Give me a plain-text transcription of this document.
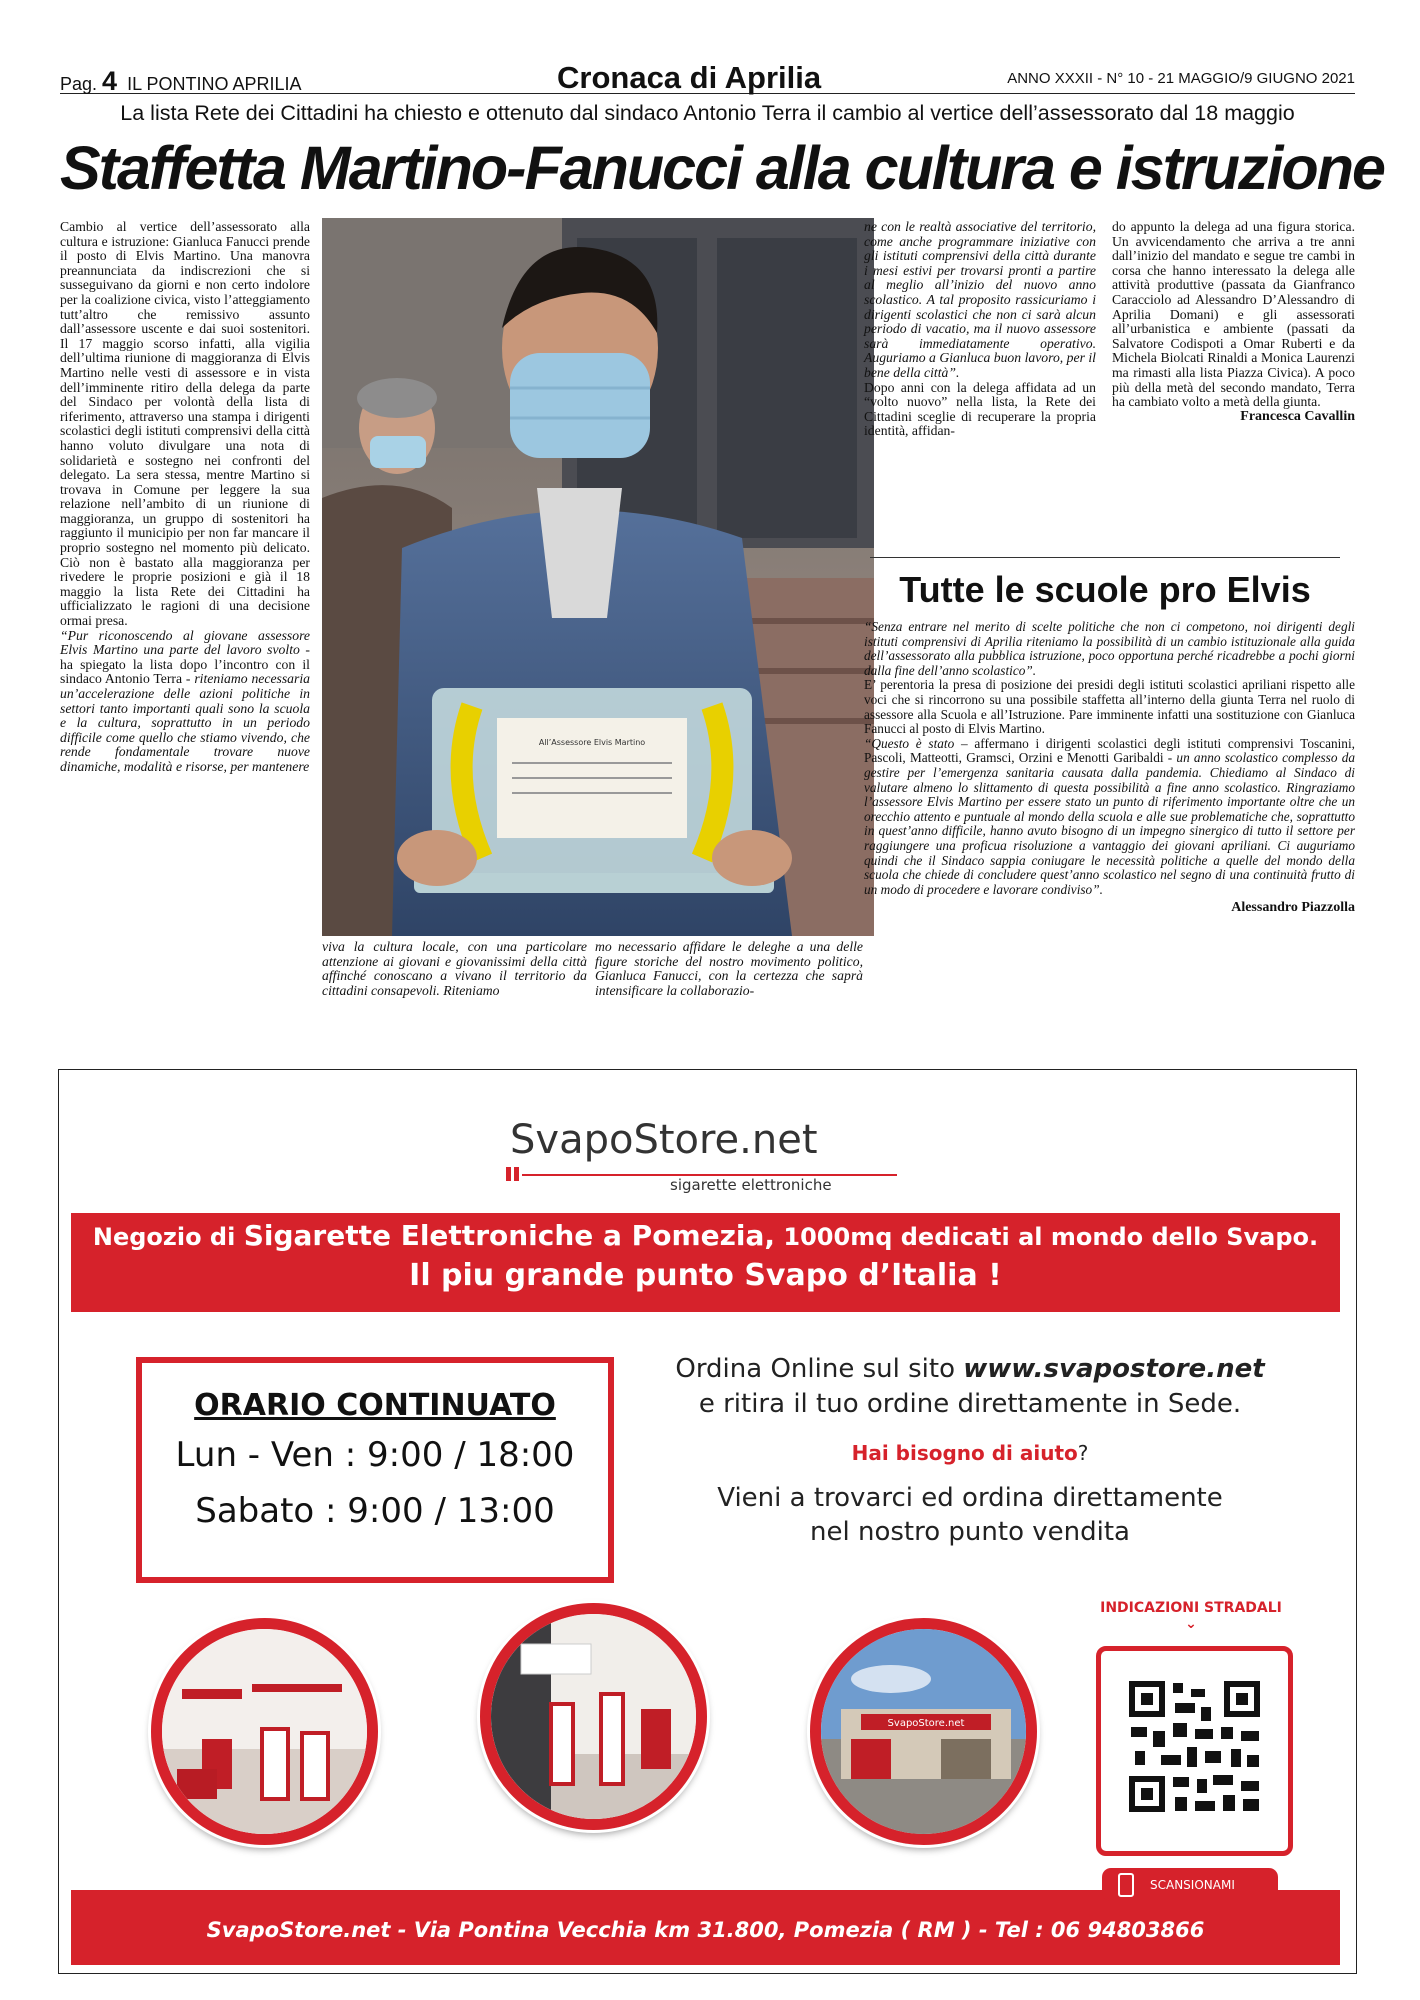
Pag. 4 IL PONTINO APRILIA	Cronaca di Aprilia	ANNO XXXII - N° 10 - 21 MAGGIO/9 GIUGNO 2021
La lista Rete dei Cittadini ha chiesto e ottenuto dal sindaco Antonio Terra il cambio al vertice dell’assessorato dal 18 maggio
Staffetta Martino-Fanucci alla cultura e istruzione

Cambio al vertice dell’assessorato alla cultura e istruzione: Gianluca Fanucci prende il posto di Elvis Martino. Una manovra preannunciata da indiscrezioni che si susseguivano da giorni e non certo indolore per la coalizione civica, visto l’atteggiamento tutt’altro che remissivo assunto dall’assessore uscente e dai suoi sostenitori. Il 17 maggio scorso infatti, alla vigilia dell’ultima riunione di maggioranza di Elvis Martino nelle vesti di assessore e in vista dell’imminente ritiro della delega da parte del Sindaco per volontà della lista di riferimento, attraverso una stampa i dirigenti scolastici degli istituti comprensivi della città hanno voluto divulgare una nota di solidarietà e sostegno nei confronti del delegato. La sera stessa, mentre Martino si trovava in Comune per leggere la sua relazione nell’ambito di un riunione di maggioranza, un gruppo di sostenitori ha raggiunto il municipio per non far mancare il proprio sostegno nel momento più delicato. Ciò non è bastato alla maggioranza per rivedere le proprie posizioni e già il 18 maggio la lista Rete dei Cittadini ha ufficializzato le ragioni di una decisione ormai presa.

“Pur riconoscendo al giovane assessore Elvis Martino una parte del lavoro svolto - ha spiegato la lista dopo l’incontro con il sindaco Antonio Terra - riteniamo necessaria un’accelerazione delle azioni politiche in settori tanto importanti quali sono la scuola e la cultura, soprattutto in un periodo difficile come quello che stiamo vivendo, che rende fondamentale trovare nuove dinamiche, modalità e risorse, per mantenere

All’Assessore Elvis Martino

viva la cultura locale, con una particolare attenzione ai giovani e giovanissimi della città affinché conoscano a vivano il territorio da cittadini consapevoli. Riteniamo

mo necessario affidare le deleghe a una delle figure storiche del nostro movimento politico, Gianluca Fanucci, con la certezza che saprà intensificare la collaborazio-

ne con le realtà associative del territorio, come anche programmare iniziative con gli istituti comprensivi della città durante i mesi estivi per trovarsi pronti a partire al meglio all’inizio del nuovo anno scolastico. A tal proposito rassicuriamo i dirigenti scolastici che non ci sarà alcun periodo di vacatio, ma il nuovo assessore sarà immediatamente operativo. Auguriamo a Gianluca buon lavoro, per il bene della città”.

Dopo anni con la delega affidata ad un “volto nuovo” nella lista, la Rete dei Cittadini sceglie di recuperare la propria identità, affidan-

do appunto la delega ad una figura storica. Un avvicendamento che arriva a tre anni dall’inizio del mandato e segue tre cambi in corsa che hanno interessato la delega alle attività produttive (passata da Gianfranco Caracciolo ad Alessandro D’Alessandro di Aprilia Domani) e gli assessorati all’urbanistica e ambiente (passati da Salvatore Codispoti a Omar Ruberti e da Michela Biolcati Rinaldi a Monica Laurenzi ma rimasti alla lista Piazza Civica). A poco più della metà del secondo mandato, Terra ha cambiato volto a metà della giunta.

Francesca Cavallin
Tutte le scuole pro Elvis

“Senza entrare nel merito di scelte politiche che non ci competono, noi dirigenti degli istituti comprensivi di Aprilia riteniamo la possibilità di un cambio istituzionale alla guida dell’assessorato alla pubblica istruzione, poco opportuna perché ricadrebbe a pochi giorni dalla fine dell’anno scolastico”.

E’ perentoria la presa di posizione dei presidi degli istituti scolastici apriliani rispetto alle voci che si rincorrono su una possibile staffetta all’interno della giunta Terra nel ruolo di assessore alla Scuola e all’Istruzione. Pare imminente infatti una sostituzione con Gianluca Fanucci al posto di Elvis Martino.

“Questo è stato – affermano i dirigenti scolastici degli istituti comprensivi Toscanini, Pascoli, Matteotti, Gramsci, Orzini e Menotti Garibaldi - un anno scolastico complesso da gestire per l’emergenza sanitaria causata dalla pandemia. Chiediamo al Sindaco di valutare almeno lo slittamento di questa possibilità a fine anno scolastico. Ringraziamo l’assessore Elvis Martino per essere stato un punto di riferimento importante oltre che un orecchio attento e puntuale al mondo della scuola e alle sue problematiche che, soprattutto in quest’anno difficile, hanno avuto bisogno di un impegno sinergico di tutto il settore per raggiungere una proficua risoluzione a vantaggio dei giovani apriliani. Ci auguriamo quindi che il Sindaco sappia coniugare le necessità politiche a quelle del mondo della scuola che chiede di concludere quest’anno scolastico nel segno di una continuità frutto di un modo di procedere e lavorare condiviso”.

Alessandro Piazzolla
SvapoStore.net
sigarette elettroniche
Negozio di Sigarette Elettroniche a Pomezia, 1000mq dedicati al mondo dello Svapo.
Il piu grande punto Svapo d’Italia !
ORARIO CONTINUATO
Lun - Ven : 9:00 / 18:00
Sabato : 9:00 / 13:00
Ordina Online sul sito www.svapostore.net
e ritira il tuo ordine direttamente in Sede.
Hai bisogno di aiuto?
Vieni a trovarci ed ordina direttamente
nel nostro punto vendita
SvapoStore.net
INDICAZIONI STRADALI
⌄
SCANSIONAMI
SvapoStore.net - Via Pontina Vecchia km 31.800, Pomezia ( RM ) - Tel : 06 94803866
